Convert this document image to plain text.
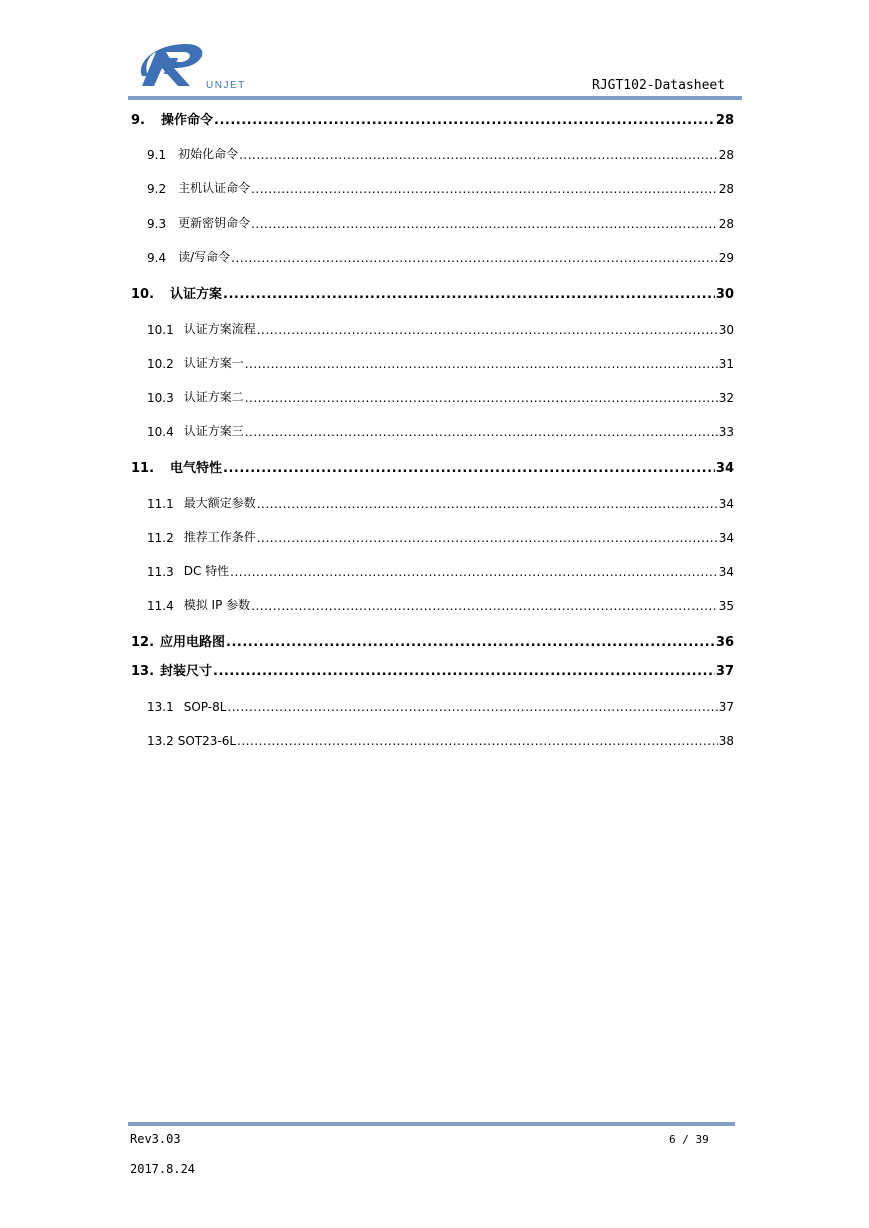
UNJET	RJGT102-Datasheet
9. 操作命令 .....	28
9.1 初始化命令 .....	28
9.2 主机认证命令 .....	28
9.3 更新密钥命令 .....	28
9.4 读/写命令 .....	29
10. 认证方案 .....	30
10.1 认证方案流程 .....	30
10.2 认证方案一 .....	31
10.3 认证方案二 .....	32
10.4 认证方案三 .....	33
11. 电气特性 .....	34
11.1 最大额定参数 .....	34
11.2 推荐工作条件 .....	34
11.3 DC 特性 .....	34
11.4 模拟 IP 参数 .....	35
12. 应用电路图 .....	36
13. 封装尺寸 .....	37
13.1 SOP-8L .....	37
13.2 SOT23-6L .....	38
Rev3.03	6 / 39
2017.8.24
